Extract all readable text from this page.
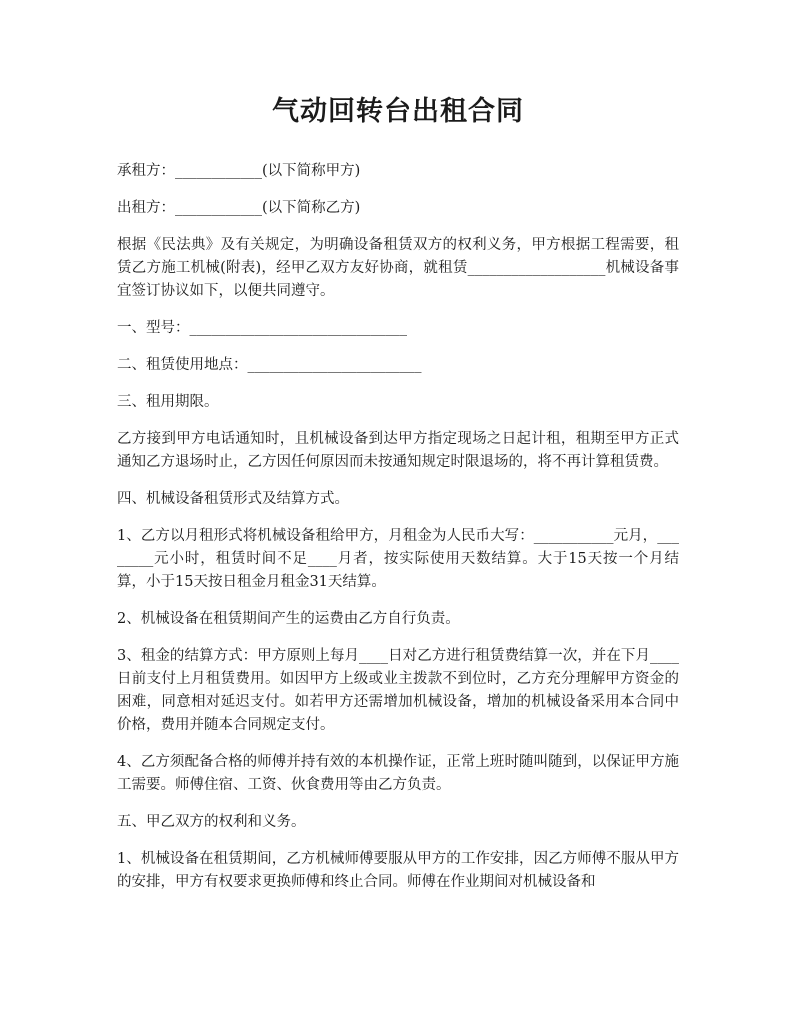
气动回转台出租合同

承租方：____________(以下简称甲方)

出租方：____________(以下简称乙方)

根据《民法典》及有关规定，为明确设备租赁双方的权利义务，甲方根据工程需要，租赁乙方施工机械(附表)，经甲乙双方友好协商，就租赁___________________机械设备事宜签订协议如下，以便共同遵守。

一、型号：______________________________

二、租赁使用地点：________________________

三、租用期限。

乙方接到甲方电话通知时，且机械设备到达甲方指定现场之日起计租，租期至甲方正式通知乙方退场时止，乙方因任何原因而未按通知规定时限退场的，将不再计算租赁费。

四、机械设备租赁形式及结算方式。

1、乙方以月租形式将机械设备租给甲方，月租金为人民币大写：___________元月，________元小时，租赁时间不足____月者，按实际使用天数结算。大于15天按一个月结算，小于15天按日租金月租金31天结算。

2、机械设备在租赁期间产生的运费由乙方自行负责。

3、租金的结算方式：甲方原则上每月____日对乙方进行租赁费结算一次，并在下月____日前支付上月租赁费用。如因甲方上级或业主拨款不到位时，乙方充分理解甲方资金的困难，同意相对延迟支付。如若甲方还需增加机械设备，增加的机械设备采用本合同中价格，费用并随本合同规定支付。

4、乙方须配备合格的师傅并持有效的本机操作证，正常上班时随叫随到，以保证甲方施工需要。师傅住宿、工资、伙食费用等由乙方负责。

五、甲乙双方的权利和义务。

1、机械设备在租赁期间，乙方机械师傅要服从甲方的工作安排，因乙方师傅不服从甲方的安排，甲方有权要求更换师傅和终止合同。师傅在作业期间对机械设备和
